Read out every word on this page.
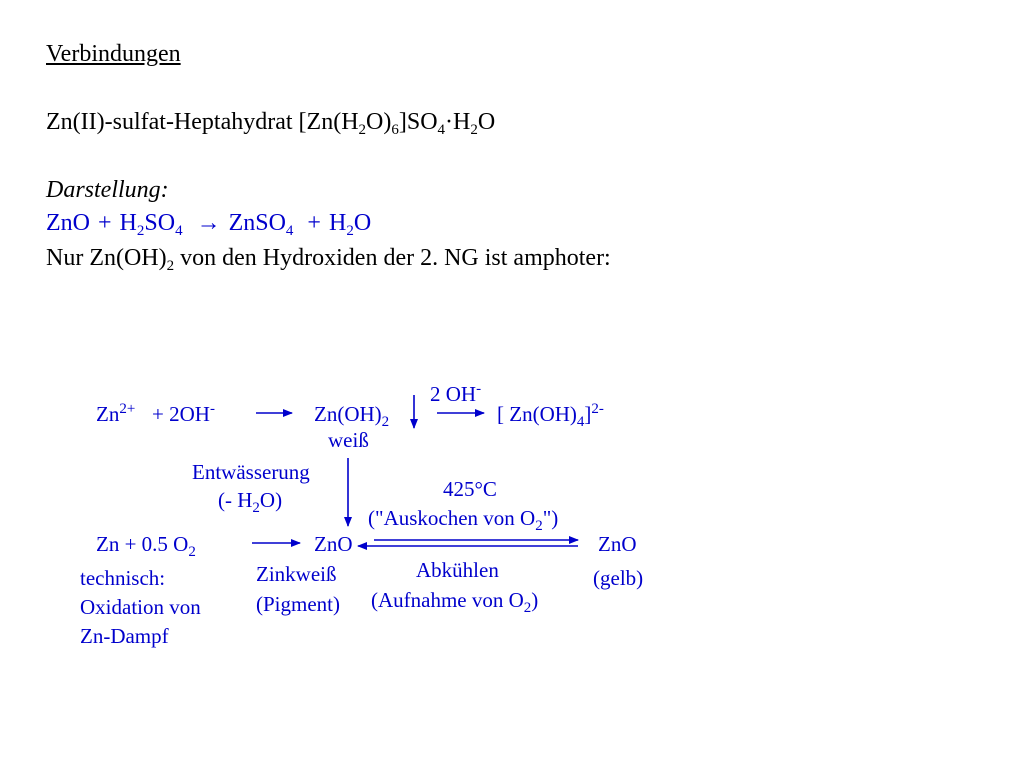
Verbindungen
Zn(II)-sulfat-Heptahydrat $[Zn(H_2O)_6]SO_4\cdot H_2O$
Darstellung:
ZnO + $H_2SO_4$ → ZnSO$_4$ + $H_2O$
Nur $Zn(OH)_2$ von den Hydroxiden der 2. NG ist amphoter:
$Zn^{2+} + 2OH^-$	$Zn(OH)_2$
weiß
2 OH-
[ $Zn(OH)_4]^{2-}$
Entwässerung
(- $H_2O$)	425°C
("Auskochen von $O_2$")
Zn + 0.5 $O_2$	ZnO	ZnO
technisch:
Oxidation von
Zn-Dampf
Zinkweiß
(Pigment)
Abkühlen
(Aufnahme von $O_2$)
(gelb)
